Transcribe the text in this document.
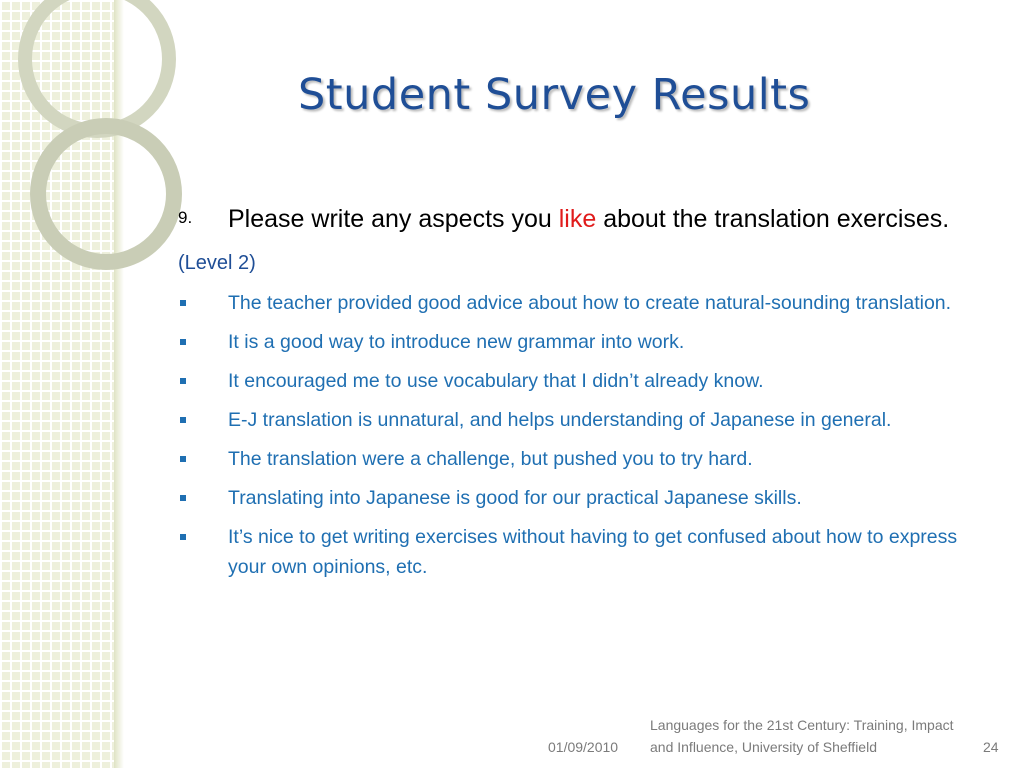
Student Survey Results
9. Please write any aspects you like about the translation exercises.
(Level 2)
The teacher provided good advice about how to create natural-sounding translation.
It is a good way to introduce new grammar into work.
It encouraged me to use vocabulary that I didn’t already know.
E-J translation is unnatural, and helps understanding of Japanese in general.
The translation were a challenge, but pushed you to try hard.
Translating into Japanese is good for our practical Japanese skills.
It’s nice to get writing exercises without having to get confused about how to express your own opinions, etc.
01/09/2010
Languages for the 21st Century: Training, Impact and Influence, University of Sheffield	24
